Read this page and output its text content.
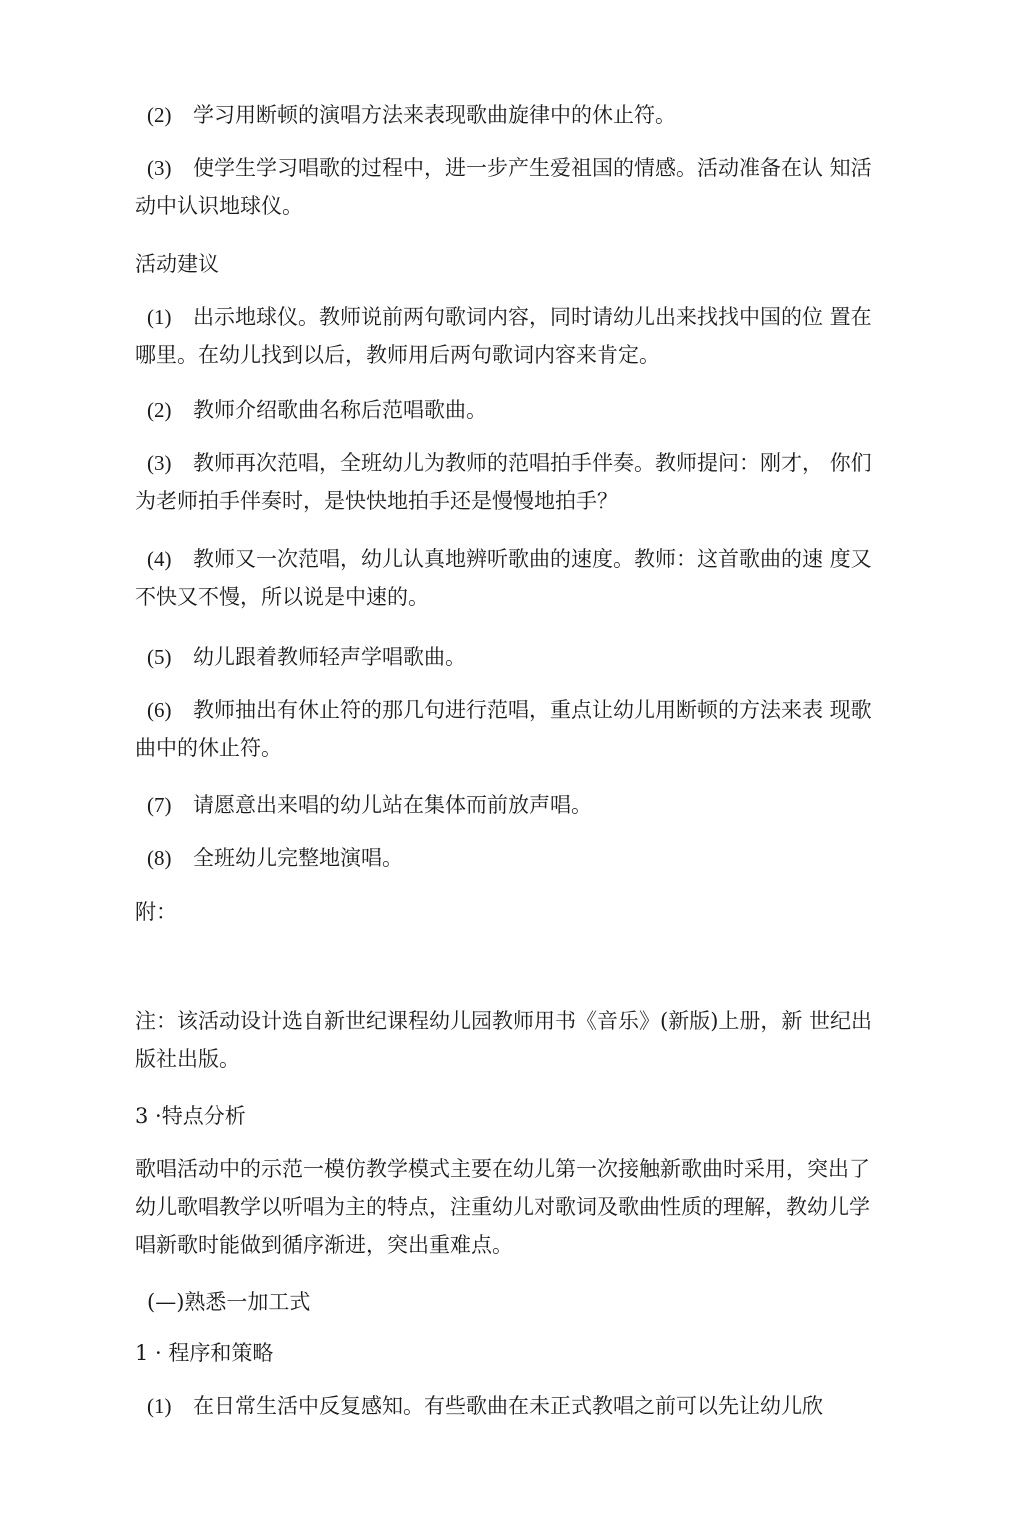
(2) 学习用断顿的演唱方法来表现歌曲旋律中的休止符。

(3) 使学生学习唱歌的过程中，进一步产生爱祖国的情感。活动准备在认 知活动中认识地球仪。

活动建议

(1) 出示地球仪。教师说前两句歌词内容，同时请幼儿出来找找中国的位 置在哪里。在幼儿找到以后，教师用后两句歌词内容来肯定。

(2) 教师介绍歌曲名称后范唱歌曲。

(3) 教师再次范唱，全班幼儿为教师的范唱拍手伴奏。教师提问：刚才， 你们为老师拍手伴奏时，是快快地拍手还是慢慢地拍手？

(4) 教师又一次范唱，幼儿认真地辨听歌曲的速度。教师：这首歌曲的速 度又不快又不慢，所以说是中速的。

(5) 幼儿跟着教师轻声学唱歌曲。

(6) 教师抽出有休止符的那几句进行范唱，重点让幼儿用断顿的方法来表 现歌曲中的休止符。

(7) 请愿意出来唱的幼儿站在集体而前放声唱。

(8) 全班幼儿完整地演唱。

附：

注：该活动设计选自新世纪课程幼儿园教师用书《音乐》(新版)上册，新 世纪出版社出版。

3 ·特点分析

歌唱活动中的示范一模仿教学模式主要在幼儿第一次接触新歌曲时采用，突出了幼儿歌唱教学以听唱为主的特点，注重幼儿对歌词及歌曲性质的理解，教幼儿学唱新歌时能做到循序渐进，突出重难点。

(—)熟悉一加工式

1 · 程序和策略

(1) 在日常生活中反复感知。有些歌曲在未正式教唱之前可以先让幼儿欣
